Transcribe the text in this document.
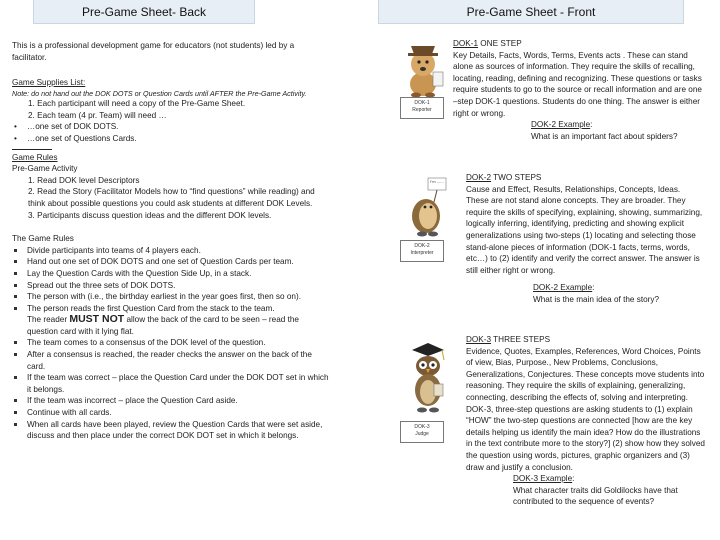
Pre-Game Sheet- Back	Pre-Game Sheet - Front

This is a professional development game for educators (not students) led by a facilitator.

Game Supplies List:

Note: do not hand out the DOK DOTS or Question Cards until AFTER the Pre-Game Activity.

1. Each participant will need a copy of the Pre-Game Sheet.

2. Each team (4 pr. Team) will need …

• …one set of DOK DOTS.

• …one set of Questions Cards.

Game Rules

Pre-Game Activity

1. Read DOK level Descriptors

2. Read the Story (Facilitator Models how to “find questions” while reading) and

think about possible questions you could ask students at different DOK Levels.

3. Participants discuss question ideas and the different DOK levels.

The Game Rules

Divide participants into teams of 4 players each.

Hand out one set of DOK DOTS and one set of Question Cards per team.

Lay the Question Cards with the Question Side Up, in a stack.

Spread out the three sets of DOK DOTS.

The person with (i.e., the birthday earliest in the year goes first, then so on).

The person reads the first Question Card from the stack to the team.
The reader MUST NOT allow the back of the card to be seen – read the question card with it lying flat.

The team comes to a consensus of the DOK level of the question.

After a consensus is reached, the reader checks the answer on the back of the card.

If the team was correct – place the Question Card under the DOK DOT set in which it belongs.

If the team was incorrect – place the Question Card aside.

Continue with all cards.

When all cards have been played, review the Question Cards that were set aside, discuss and then place under the correct DOK DOT set in which it belongs.

DOK-1
Reporter
I'm ……
DOK-2
Interpreter
DOK-3
Judge

DOK-1 ONE STEP

Key Details, Facts, Words, Terms, Events acts . These can stand alone as sources of information. They require the skills of recalling, locating, reading, defining and recognizing. These questions or tasks require students to go to the source or recall information and are one –step DOK-1 questions. Students do one thing. The answer is either right or wrong.

DOK-2 Example:

What is an important fact about spiders?

DOK-2 TWO STEPS

Cause and Effect, Results, Relationships, Concepts, Ideas. These are not stand alone concepts. They are broader. They require the skills of specifying, explaining, showing, summarizing, logically inferring, identifying, predicting and showing explicit generalizations using two-steps (1) locating and selecting those stand-alone pieces of information (DOK-1 facts, terms, words, etc…) to (2) identify and verify the correct answer. The answer is still either right or wrong.

DOK-2 Example:

What is the main idea of the story?

DOK-3 THREE STEPS

Evidence, Quotes, Examples, References, Word Choices, Points of view, Bias, Purpose., New Problems, Conclusions, Generalizations, Conjectures. These concepts move students into reasoning. They require the skills of explaining, generalizing, connecting, describing the effects of, solving and interpreting. DOK-3, three-step questions are asking students to (1) explain “HOW” the two-step questions are connected [how are the key details helping us identify the main idea? How do the illustrations in the text contribute more to the story?] (2) show how they solved the question using words, pictures, graphic organizers and (3) draw and justify a conclusion.

DOK-3 Example:

What character traits did Goldilocks have that contributed to the sequence of events?
